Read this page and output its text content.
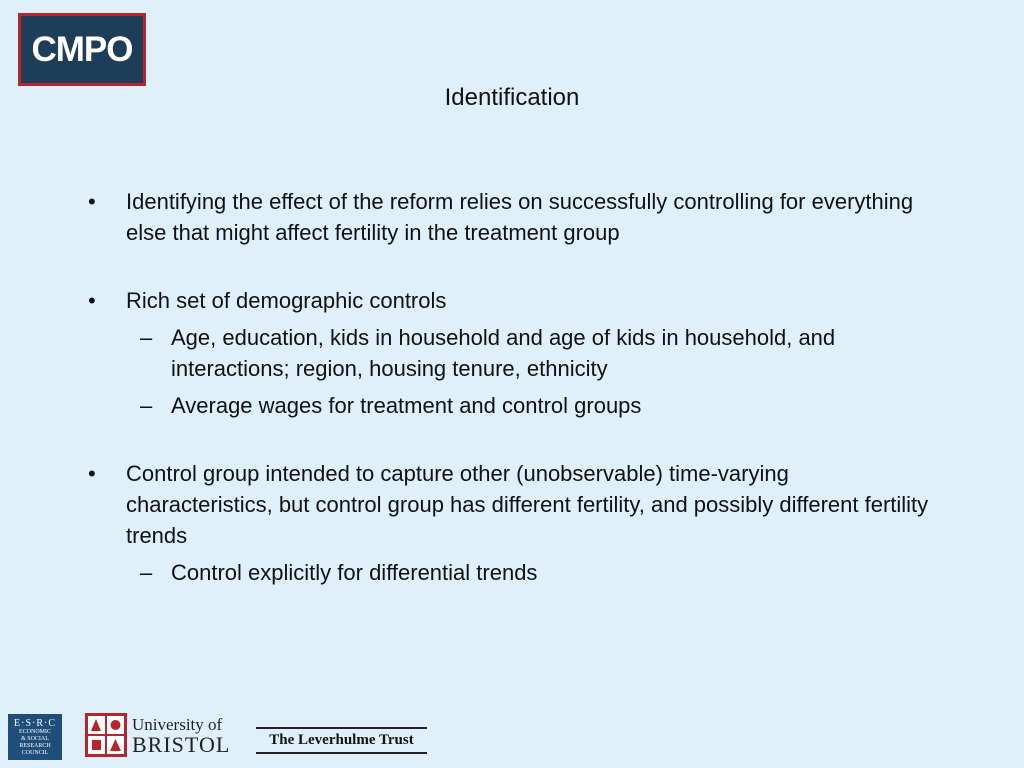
CMPO
Identification
• Identifying the effect of the reform relies on successfully controlling for everything else that might affect fertility in the treatment group
• Rich set of demographic controls
– Age, education, kids in household and age of kids in household, and interactions; region, housing tenure, ethnicity
– Average wages for treatment and control groups
• Control group intended to capture other (unobservable) time-varying characteristics, but control group has different fertility, and possibly different fertility trends
– Control explicitly for differential trends
E·S·R·C
ECONOMIC
& SOCIAL
RESEARCH
COUNCIL
University of
BRISTOL	The Leverhulme Trust
